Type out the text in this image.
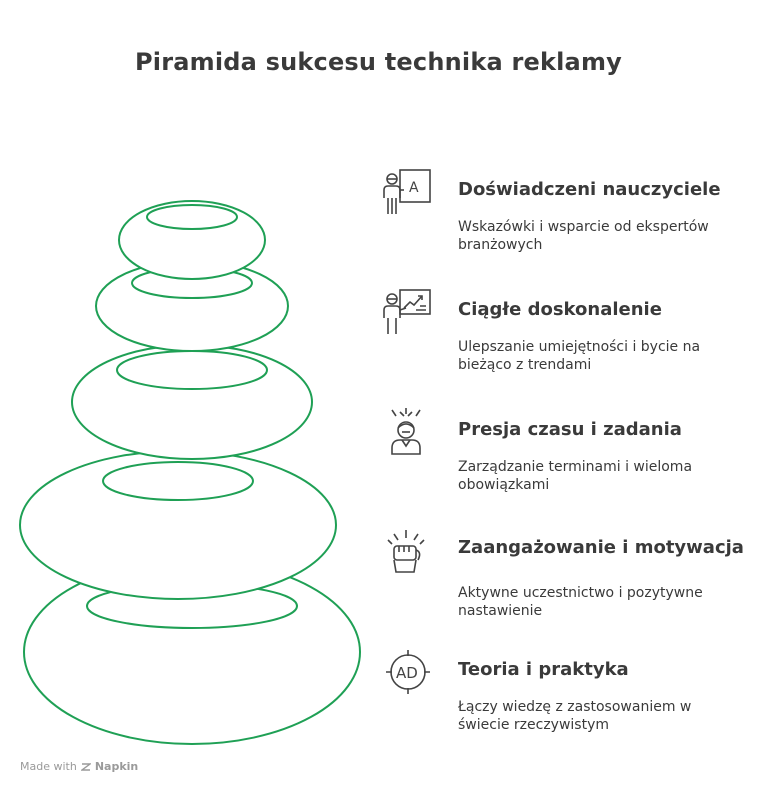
Piramida sukcesu technika reklamy
A Doświadczeni nauczyciele

Wskazówki i wsparcie od ekspertów branżowych

Ciągłe doskonalenie

Ulepszanie umiejętności i bycie na bieżąco z trendami

Presja czasu i zadania

Zarządzanie terminami i wieloma obowiązkami

Zaangażowanie i motywacja

Aktywne uczestnictwo i pozytywne nastawienie

AD Teoria i praktyka

Łączy wiedzę z zastosowaniem w świecie rzeczywistym

Made with Napkin
